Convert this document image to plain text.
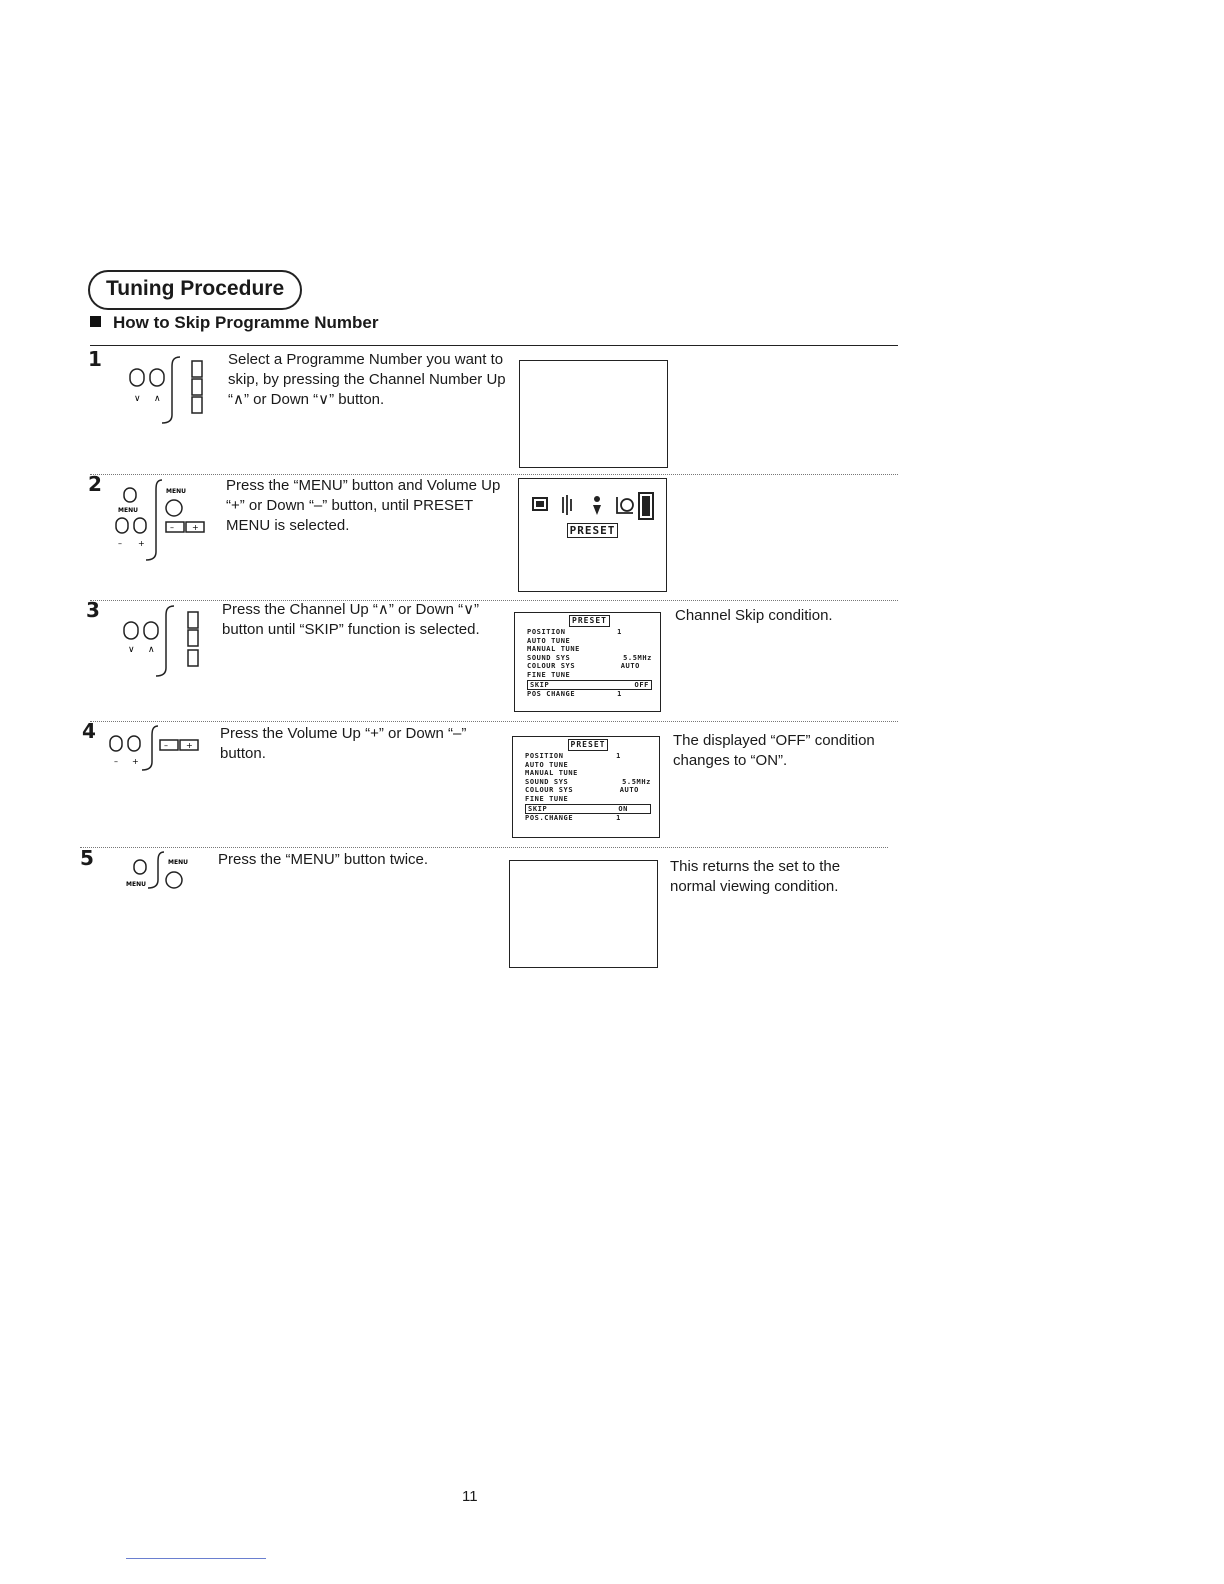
Tuning Procedure
How to Skip Programme Number
1
∨ ∧
Select a Programme Number you want to skip, by pressing the Channel Number Up “∧” or Down “∨” button.
2
MENU
MENU
– +
– +
Press the “MENU” button and Volume Up “+” or Down “–” button, until PRESET MENU is selected.	PRESET
3
∨ ∧
Press the Channel Up “∧” or Down “∨” button until “SKIP” function is selected.
PRESET
POSITION	1
AUTO TUNE
MANUAL TUNE
SOUND SYS	5.5MHz
COLOUR SYS	AUTO
FINE TUNE
SKIP	OFF
POS CHANGE	1
Channel Skip condition.
4
– +
– +
Press the Volume Up “+” or Down “–” button.
PRESET
POSITION	1
AUTO TUNE
MANUAL TUNE
SOUND SYS	5.5MHz
COLOUR SYS	AUTO
FINE TUNE
SKIP	ON
POS.CHANGE	1
The displayed “OFF” condition changes to “ON”.
5
MENU
MENU Press the “MENU” button twice.	This returns the set to the normal viewing condition.
11
